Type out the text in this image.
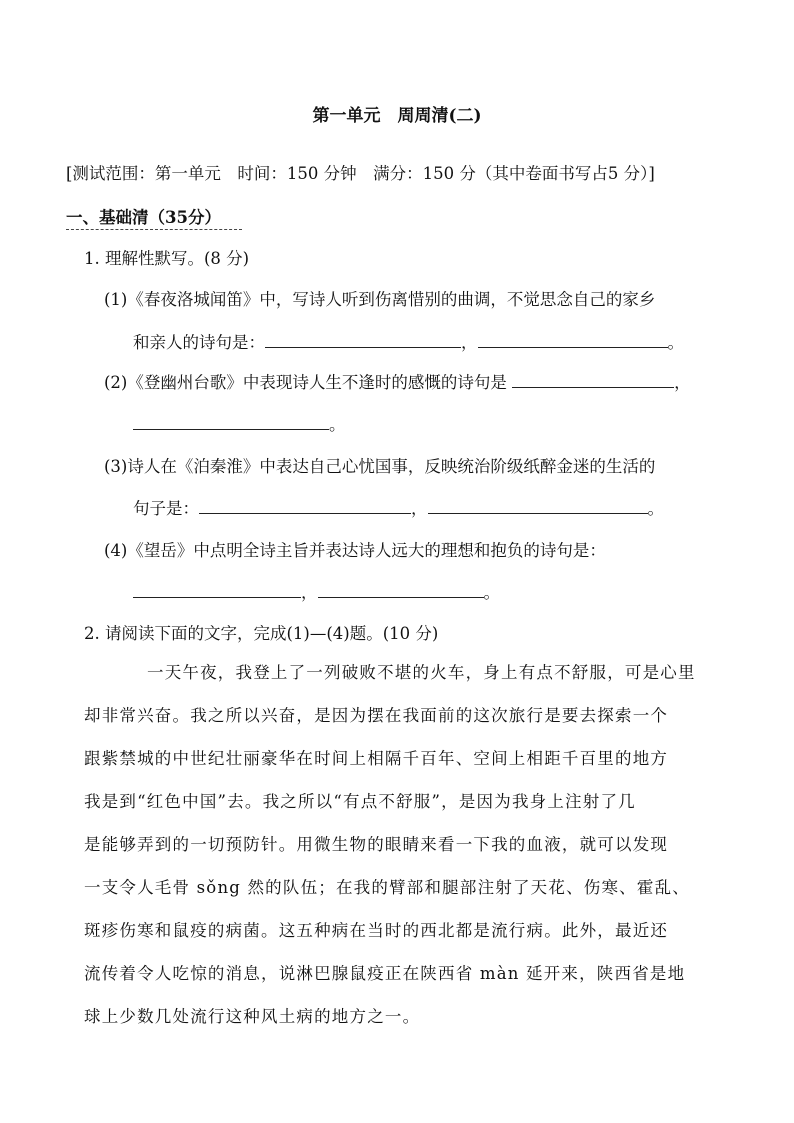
第一单元　周周清(二)
[测试范围：第一单元　时间：150 分钟　满分：150 分（其中卷面书写占5 分）]
一、基础清（35分）
1. 理解性默写。(8 分)
(1)《春夜洛城闻笛》中，写诗人听到伤离惜别的曲调，不觉思念自己的家乡
和亲人的诗句是：	，	。
(2)《登幽州台歌》中表现诗人生不逢时的感慨的诗句是	，
。
(3)诗人在《泊秦淮》中表达自己心忧国事，反映统治阶级纸醉金迷的生活的
句子是：	，	。
(4)《望岳》中点明全诗主旨并表达诗人远大的理想和抱负的诗句是：
，	。
2. 请阅读下面的文字，完成(1)—(4)题。(10 分)
一天午夜，我登上了一列破败不堪的火车，身上有点不舒服，可是心里
却非常兴奋。我之所以兴奋，是因为摆在我面前的这次旅行是要去探索一个
跟紫禁城的中世纪壮丽豪华在时间上相隔千百年、空间上相距千百里的地方
我是到“红色中国”去。我之所以“有点不舒服”，是因为我身上注射了几
是能够弄到的一切预防针。用微生物的眼睛来看一下我的血液，就可以发现
一支令人毛骨 sǒng 然的队伍；在我的臂部和腿部注射了天花、伤寒、霍乱、
斑疹伤寒和鼠疫的病菌。这五种病在当时的西北都是流行病。此外，最近还
流传着令人吃惊的消息，说淋巴腺鼠疫正在陕西省 màn 延开来，陕西省是地
球上少数几处流行这种风土病的地方之一。
